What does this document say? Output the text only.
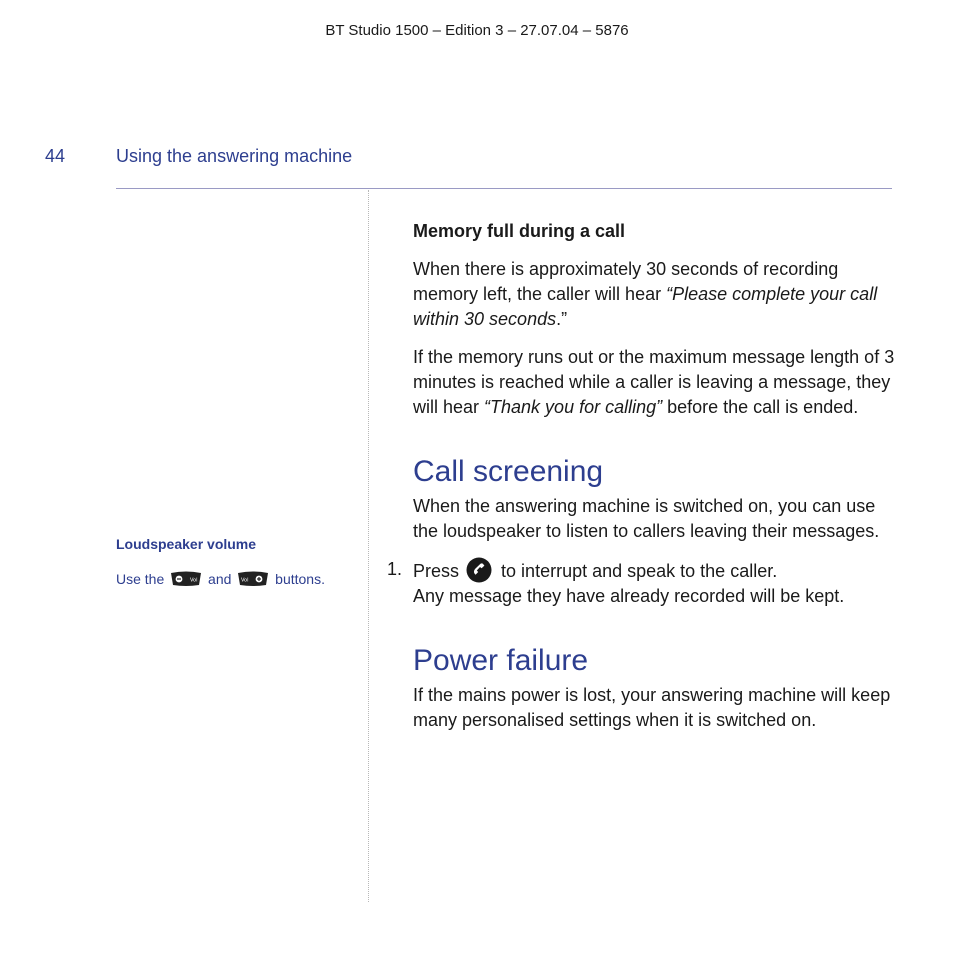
BT Studio 1500 – Edition 3 – 27.07.04 – 5876
44	Using the answering machine
Loudspeaker volume
Use the	Vol and Vol buttons.
Memory full during a call

When there is approximately 30 seconds of recording memory left, the caller will hear “Please complete your call within 30 seconds.”

If the memory runs out or the maximum message length of 3 minutes is reached while a caller is leaving a message, they will hear “Thank you for calling” before the call is ended.

Call screening

When the answering machine is switched on, you can use the loudspeaker to listen to callers leaving their messages.

1. Press to interrupt and speak to the caller.
Any message they have already recorded will be kept.
Power failure

If the mains power is lost, your answering machine will keep many personalised settings when it is switched on.
